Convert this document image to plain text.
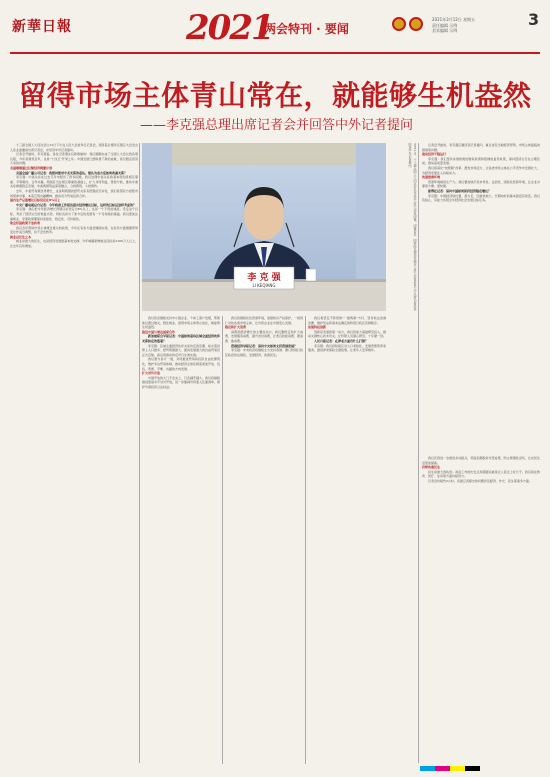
新華日報	2021
两会特刊 · 要闻
2021年3月12日 星期五
责任编辑 示例
美术编辑 示例
3
留得市场主体青山常在，就能够生机盎然
——李克强总理出席记者会并回答中外记者提问

十三届全国人大四次会议11日下午在人民大会堂举行记者会，国务院总理李克强应大会发言人张业遂邀请出席记者会，并回答中外记者提问。

记者会开始时，李克强说，各位记者朋友们新春愉快！我们刚刚完成了全国人大会议的各项议程，今年是建党百年，也是“十四五”开局之年。中国发展已经取得了新的成就，我们愿意回答大家的问题。

美国刚刚通过巨额经济刺激计划

美国全国广播公司记者：我想问您对中美关系的看法。您认为双方应如何改善关系？

李克强：中美关系在过去几年中经历了很多困难，我们处理中美关系的基本原则是相互尊重、平等相待、合作共赢。两国应当在相互尊重的基础上，扩大共同利益，管控分歧，推动中美关系健康稳定发展。中美两国利益深度融合，合则两利，斗则俱伤。

去年，中美贸易额逆势增长，这说明两国的经贸关系有很强的互补性，我们希望双方按照市场规律办事，本着互利共赢精神，推动双方贸易投资合作。

国内生产总值增长目标设定在6%以上

中央广播电视总台记者：今年政府工作报告提出经济增长目标，这样的目标是怎样考虑的？

李克强：我们把今年经济增长预期目标设定为6%以上，这是一个不低的速度。设定这个目标，考虑了经济运行的恢复态势，同时也是为了使今后的发展有一个可持续的基础。我们更加注重就业，宏观政策要保持连续性、稳定性、可持续性。

助企纾困政策不急转弯

我们去年帮助市场主体渡过难关的政策，今年在有些方面会继续实施，在有些方面根据形势变化作适当调整，但不会急转弯。

就业是民生之本

就业是最大的民生，也是经济发展最基本的支撑。今年城镇新增就业目标是1100万人以上，比去年有所增加。

李 克 强
LI KEQIANG	3月11日，十三届全国人大四次会议在北京人民大会堂闭幕。闭幕会后，国务院总理李克强在人民大会堂金色大厅出席记者会并回答中外记者提问。

我们将会继续支持中小微企业、个体工商户发展，帮助他们渡过难关，稳住就业。留得市场主体青山常在，就能够生机盎然。

推进中国与周边国家合作

新加坡联合早报记者：中国如何看待区域全面经济伙伴关系协定的签署？

李克强：区域全面经济伙伴关系协定的签署，标志着世界上人口最多、经贸规模最大、最具发展潜力的自由贸易区正式启航。我们将推动协定早日生效实施。

我们愿与各方一道，共同推进贸易和投资自由化便利化，维护多边贸易体制，推动经济全球化朝着更加开放、包容、普惠、平衡、共赢的方向发展。

扩大对外开放

中国开放的大门不会关上，只会越开越大。我们将继续推进更高水平对外开放，进一步缩减外资准入负面清单，保护外商投资合法权益。

我们将继续优化营商环境，加强知识产权保护，一视同仁对待各类市场主体，让外资企业在中国安心发展。

稳定和扩大消费

消费是经济增长的主要拉动力。我们要稳定和扩大消费，发展服务消费，提升农村消费，让老百姓能消费、愿消费、敢消费。

香港经济导报记者：请问中央如何支持香港发展？

李克强：中央政府将继续全力支持香港、澳门特别行政区政府依法施政，发展经济，改善民生。

我们将坚定不移贯彻“一国两制”方针，坚持依法治港治澳，维护宪法和基本法确定的特别行政区宪制秩序。

加强科技创新

创新是发展的第一动力。我们将加大基础研究投入，推动关键核心技术攻关，让科研人员潜心研究，十年磨一剑。

人民日报记者：在养老方面有什么打算？

李克强：我们将积极应对人口老龄化，发展普惠型养老服务，推进养老保险全国统筹，让老年人安享晚年。

记者会开始时，李克强应邀回答记者提问，重点谈及当前经济形势，市场主体面临的困难等问题。

推动经济平稳运行

李克强：我们坚持实施积极的财政政策和稳健的货币政策，保持经济运行在合理区间，推动高质量发展。

我们将深化“放管服”改革，激发市场活力，让各类市场主体在公平竞争中发展壮大，为经济发展注入持续动力。

改善营商环境

营商环境就是生产力。我们要加快打造市场化、法治化、国际化营商环境，让企业办事更方便、更快捷。

彭博社记者：请问中国如何保持经济稳定增长？

李克强：中国经济韧性强、潜力足、回旋余地大，长期向好的基本面没有改变。我们有信心、有能力实现全年经济社会发展目标任务。

我们还将进一步推进乡村振兴，巩固拓展脱贫攻坚成果，防止规模性返贫，让农民生活更加富裕。

持续改善民生

民生是最大的政治。政府工作的出发点和落脚点就是让人民过上好日子。我们将在教育、医疗、住房等方面持续用力。

记者会持续约2小时。各国记者提出的问题涉及经济、外交、民生等诸多方面。
